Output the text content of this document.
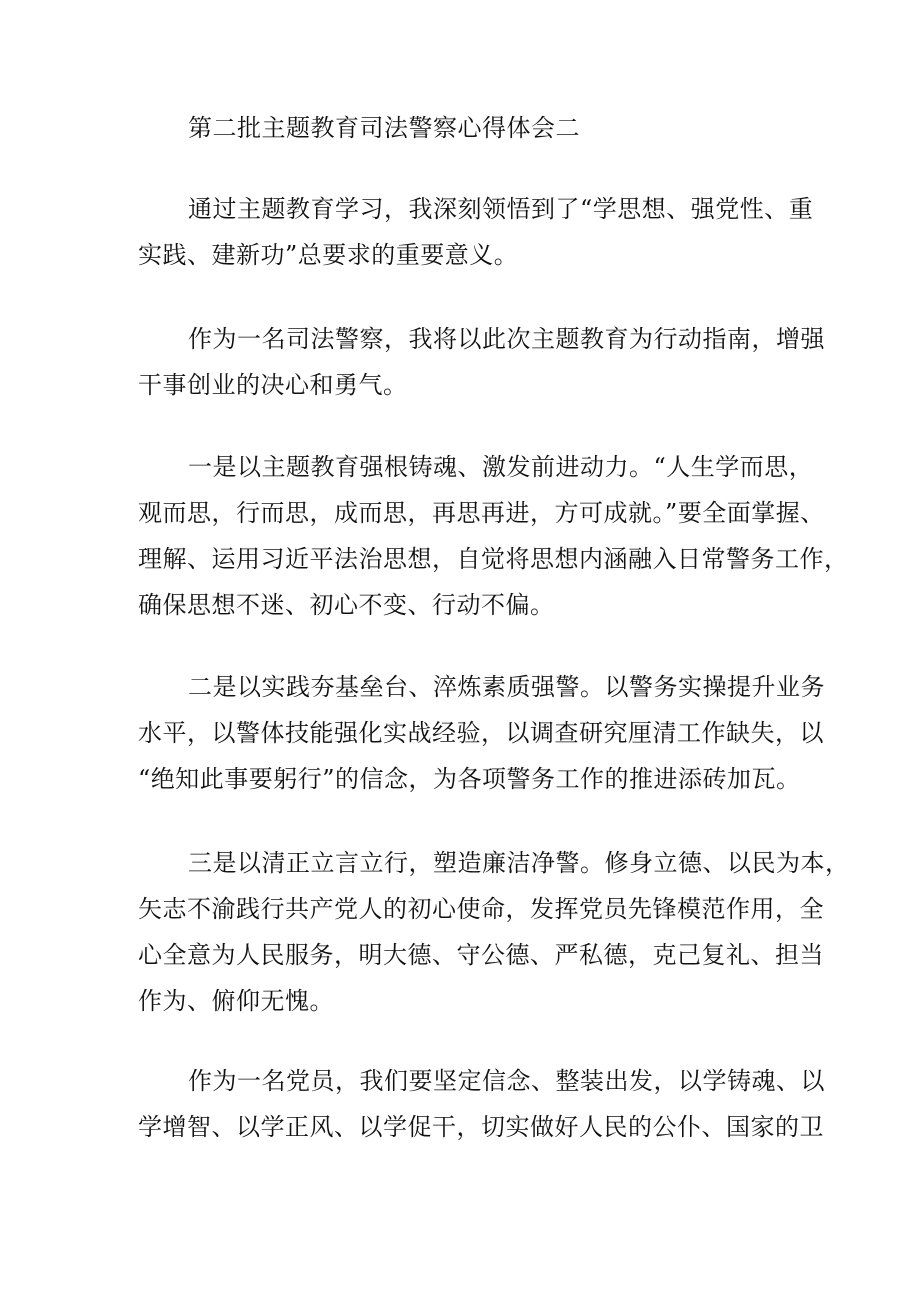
第二批主题教育司法警察心得体会二
通过主题教育学习，我深刻领悟到了“学思想、强党性、重
实践、建新功”总要求的重要意义。
作为一名司法警察，我将以此次主题教育为行动指南，增强
干事创业的决心和勇气。
一是以主题教育强根铸魂、激发前进动力。“人生学而思，
观而思，行而思，成而思，再思再进，方可成就。”要全面掌握、
理解、运用习近平法治思想，自觉将思想内涵融入日常警务工作，
确保思想不迷、初心不变、行动不偏。
二是以实践夯基垒台、淬炼素质强警。以警务实操提升业务
水平，以警体技能强化实战经验，以调查研究厘清工作缺失，以
“绝知此事要躬行”的信念，为各项警务工作的推进添砖加瓦。
三是以清正立言立行，塑造廉洁净警。修身立德、以民为本，
矢志不渝践行共产党人的初心使命，发挥党员先锋模范作用，全
心全意为人民服务，明大德、守公德、严私德，克己复礼、担当
作为、俯仰无愧。
作为一名党员，我们要坚定信念、整装出发，以学铸魂、以
学增智、以学正风、以学促干，切实做好人民的公仆、国家的卫
